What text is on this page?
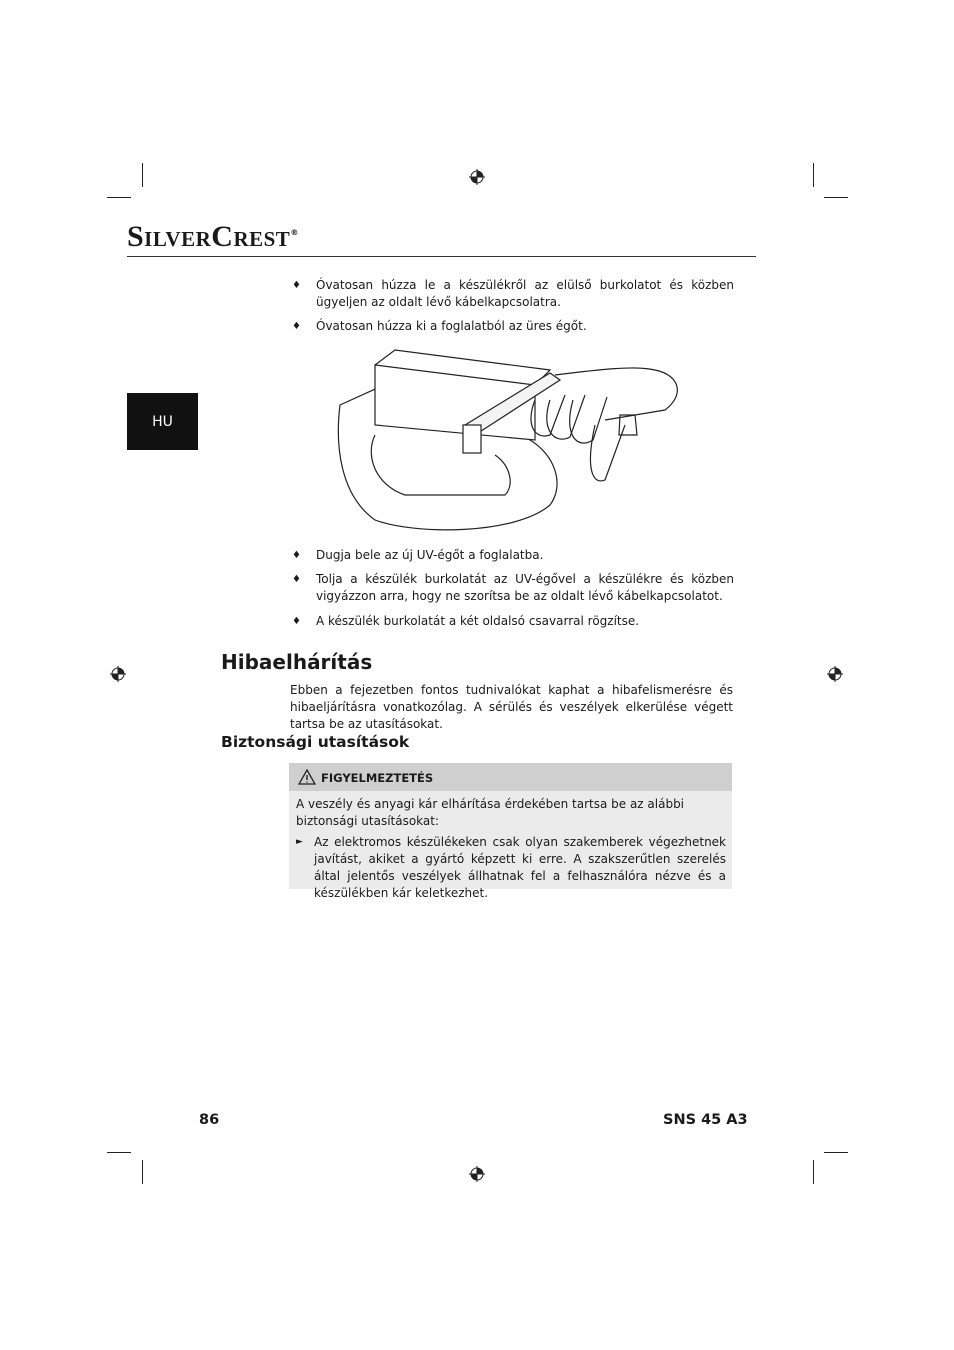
SilverCrest®
HU
♦ Óvatosan húzza le a készülékről az elülső burkolatot és közben ügyeljen az oldalt lévő kábelkapcsolatra.
♦ Óvatosan húzza ki a foglalatból az üres égőt.
♦ Dugja bele az új UV-égőt a foglalatba.
♦ Tolja a készülék burkolatát az UV-égővel a készülékre és közben vigyázzon arra, hogy ne szorítsa be az oldalt lévő kábelkapcsolatot.
♦ A készülék burkolatát a két oldalsó csavarral rögzítse.
Hibaelhárítás
Ebben a fejezetben fontos tudnivalókat kaphat a hibafelismerésre és hibaeljárításra vonatkozólag. A sérülés és veszélyek elkerülése végett tartsa be az utasításokat.
Biztonsági utasítások
FIGYELMEZTETÉS
A veszély és anyagi kár elhárítása érdekében tartsa be az alábbi biztonsági utasításokat:
► Az elektromos készülékeken csak olyan szakemberek végezhetnek javítást, akiket a gyártó képzett ki erre. A szakszerűtlen szerelés által jelentős veszélyek állhatnak fel a felhasználóra nézve és a készülékben kár keletkezhet.
86	SNS 45 A3
